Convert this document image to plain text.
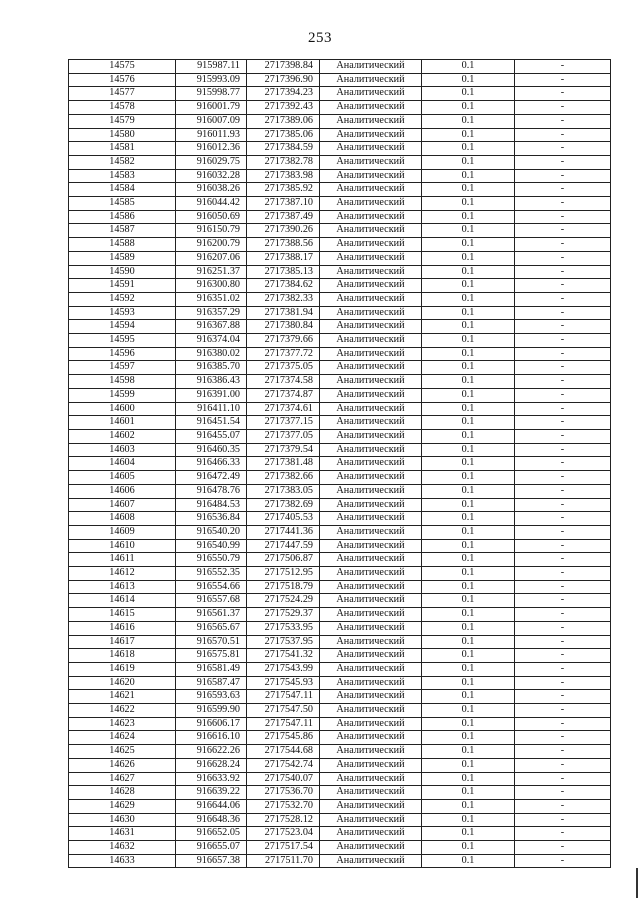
253
14575	915987.11	2717398.84	Аналитический	0.1	-
14576	915993.09	2717396.90	Аналитический	0.1	-
14577	915998.77	2717394.23	Аналитический	0.1	-
14578	916001.79	2717392.43	Аналитический	0.1	-
14579	916007.09	2717389.06	Аналитический	0.1	-
14580	916011.93	2717385.06	Аналитический	0.1	-
14581	916012.36	2717384.59	Аналитический	0.1	-
14582	916029.75	2717382.78	Аналитический	0.1	-
14583	916032.28	2717383.98	Аналитический	0.1	-
14584	916038.26	2717385.92	Аналитический	0.1	-
14585	916044.42	2717387.10	Аналитический	0.1	-
14586	916050.69	2717387.49	Аналитический	0.1	-
14587	916150.79	2717390.26	Аналитический	0.1	-
14588	916200.79	2717388.56	Аналитический	0.1	-
14589	916207.06	2717388.17	Аналитический	0.1	-
14590	916251.37	2717385.13	Аналитический	0.1	-
14591	916300.80	2717384.62	Аналитический	0.1	-
14592	916351.02	2717382.33	Аналитический	0.1	-
14593	916357.29	2717381.94	Аналитический	0.1	-
14594	916367.88	2717380.84	Аналитический	0.1	-
14595	916374.04	2717379.66	Аналитический	0.1	-
14596	916380.02	2717377.72	Аналитический	0.1	-
14597	916385.70	2717375.05	Аналитический	0.1	-
14598	916386.43	2717374.58	Аналитический	0.1	-
14599	916391.00	2717374.87	Аналитический	0.1	-
14600	916411.10	2717374.61	Аналитический	0.1	-
14601	916451.54	2717377.15	Аналитический	0.1	-
14602	916455.07	2717377.05	Аналитический	0.1	-
14603	916460.35	2717379.54	Аналитический	0.1	-
14604	916466.33	2717381.48	Аналитический	0.1	-
14605	916472.49	2717382.66	Аналитический	0.1	-
14606	916478.76	2717383.05	Аналитический	0.1	-
14607	916484.53	2717382.69	Аналитический	0.1	-
14608	916536.84	2717405.53	Аналитический	0.1	-
14609	916540.20	2717441.36	Аналитический	0.1	-
14610	916540.99	2717447.59	Аналитический	0.1	-
14611	916550.79	2717506.87	Аналитический	0.1	-
14612	916552.35	2717512.95	Аналитический	0.1	-
14613	916554.66	2717518.79	Аналитический	0.1	-
14614	916557.68	2717524.29	Аналитический	0.1	-
14615	916561.37	2717529.37	Аналитический	0.1	-
14616	916565.67	2717533.95	Аналитический	0.1	-
14617	916570.51	2717537.95	Аналитический	0.1	-
14618	916575.81	2717541.32	Аналитический	0.1	-
14619	916581.49	2717543.99	Аналитический	0.1	-
14620	916587.47	2717545.93	Аналитический	0.1	-
14621	916593.63	2717547.11	Аналитический	0.1	-
14622	916599.90	2717547.50	Аналитический	0.1	-
14623	916606.17	2717547.11	Аналитический	0.1	-
14624	916616.10	2717545.86	Аналитический	0.1	-
14625	916622.26	2717544.68	Аналитический	0.1	-
14626	916628.24	2717542.74	Аналитический	0.1	-
14627	916633.92	2717540.07	Аналитический	0.1	-
14628	916639.22	2717536.70	Аналитический	0.1	-
14629	916644.06	2717532.70	Аналитический	0.1	-
14630	916648.36	2717528.12	Аналитический	0.1	-
14631	916652.05	2717523.04	Аналитический	0.1	-
14632	916655.07	2717517.54	Аналитический	0.1	-
14633	916657.38	2717511.70	Аналитический	0.1	-
